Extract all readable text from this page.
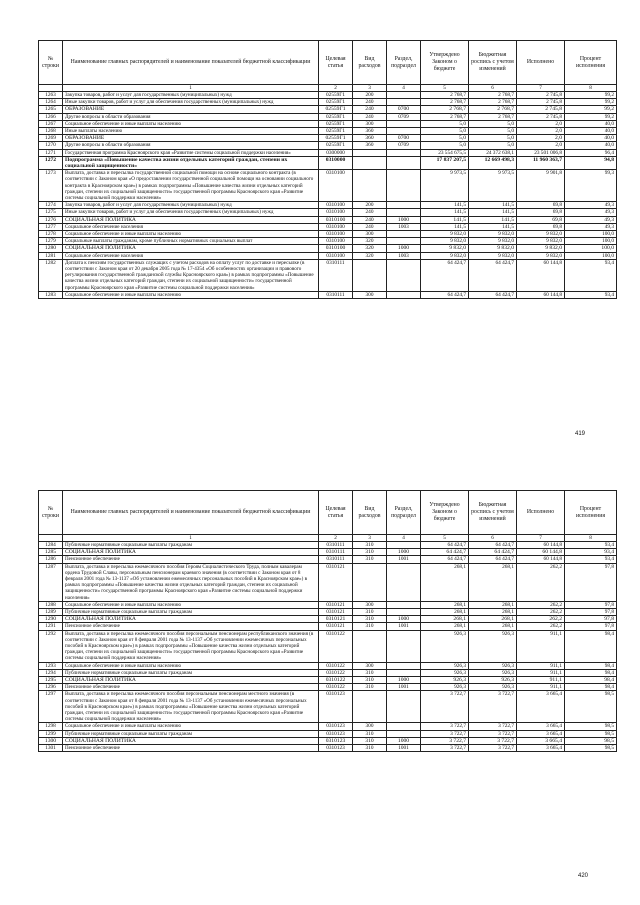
№ строки	Наименование главных распорядителей и наименование показателей бюджетной классификации	Целевая статья	Вид расходов	Раздел, подраздел	Утверждено Законом о бюджете	Бюджетная роспись с учетом изменений	Исполнено	Процент исполнения
	1	2	3	4	5	6	7	8
1263	Закупка товаров, работ и услуг для государственных (муниципальных) нужд	02559Г1	200		2 768,7	2 768,7	2 745,8	99,2
1264	Иные закупки товаров, работ и услуг для обеспечения государственных (муниципальных) нужд	02559Г1	240		2 768,7	2 768,7	2 745,8	99,2
1265	ОБРАЗОВАНИЕ	02559Г1	240	0700	2 768,7	2 768,7	2 745,8	99,2
1266	Другие вопросы в области образования	02559Г1	240	0709	2 768,7	2 768,7	2 745,8	99,2
1267	Социальное обеспечение и иные выплаты населению	02559Г1	300		5,0	5,0	2,0	40,0
1268	Иные выплаты населению	02559Г1	360		5,0	5,0	2,0	40,0
1269	ОБРАЗОВАНИЕ	02559Г1	360	0700	5,0	5,0	2,0	40,0
1270	Другие вопросы в области образования	02559Г1	360	0709	5,0	5,0	2,0	40,0
1271	Государственная программа Красноярского края «Развитие системы социальной поддержки населения»	0300000			23 554 675,5	24 372 638,1	23 501 006,8	96,4
1272	Подпрограмма «Повышение качества жизни отдельных категорий граждан, степени их социальной защищенности»	0310000			17 837 207,5	12 669 498,3	11 960 363,7	94,8
1273	Выплата, доставка и пересылка государственной социальной помощи на основе социального контракта (в соответствии с Законом края «О предоставлении государственной социальной помощи на основании социального контракта в Красноярском крае») в рамках подпрограммы «Повышение качества жизни отдельных категорий граждан, степени их социальной защищенности» государственной программы Красноярского края «Развитие системы социальной поддержки населения»	0310100			9 973,5	9 973,5	9 901,8	99,3
1274	Закупка товаров, работ и услуг для государственных (муниципальных) нужд	0310100	200		141,5	141,5	69,8	49,3
1275	Иные закупки товаров, работ и услуг для обеспечения государственных (муниципальных) нужд	0310100	240		141,5	141,5	69,8	49,3
1276	СОЦИАЛЬНАЯ ПОЛИТИКА	0310100	240	1000	141,5	141,5	69,8	49,3
1277	Социальное обеспечение населения	0310100	240	1003	141,5	141,5	69,8	49,3
1278	Социальное обеспечение и иные выплаты населению	0310100	300		9 832,0	9 832,0	9 832,0	100,0
1279	Социальные выплаты гражданам, кроме публичных нормативных социальных выплат	0310100	320		9 832,0	9 832,0	9 832,0	100,0
1280	СОЦИАЛЬНАЯ ПОЛИТИКА	0310100	320	1000	9 832,0	9 832,0	9 832,0	100,0
1281	Социальное обеспечение населения	0310100	320	1003	9 832,0	9 832,0	9 832,0	100,0
1282	Доплата к пенсиям государственных служащих с учетом расходов на оплату услуг по доставке и пересылке (в соответствии с Законом края от 20 декабря 2005 года № 17-4354 «Об особенностях организации и правового регулирования государственной гражданской службы Красноярского края») в рамках подпрограммы «Повышение качества жизни отдельных категорий граждан, степени их социальной защищенности» государственной программы Красноярского края «Развитие системы социальной поддержки населения»	0310111			64 424,7	64 424,7	60 144,8	93,4
1283	Социальное обеспечение и иные выплаты населению	0310111	300		64 424,7	64 424,7	60 144,8	93,4
419
№ строки	Наименование главных распорядителей и наименование показателей бюджетной классификации	Целевая статья	Вид расходов	Раздел, подраздел	Утверждено Законом о бюджете	Бюджетная роспись с учетом изменений	Исполнено	Процент исполнения
	1	2	3	4	5	6	7	8
1284	Публичные нормативные социальные выплаты гражданам	0310111	310		64 424,7	64 424,7	60 144,8	93,4
1285	СОЦИАЛЬНАЯ ПОЛИТИКА	0310111	310	1000	64 424,7	64 424,7	60 144,8	93,4
1286	Пенсионное обеспечение	0310111	310	1001	64 424,7	64 424,7	60 144,8	93,4
1287	Выплата, доставка и пересылка ежемесячного пособия Героям Социалистического Труда, полным кавалерам ордена Трудовой Славы, персональным пенсионерам краевого значения (в соответствии с Законом края от 8 февраля 2001 года № 13-1137 «Об установлении ежемесячных персональных пособий в Красноярском крае») в рамках подпрограммы «Повышение качества жизни отдельных категорий граждан, степени их социальной защищенности» государственной программы Красноярского края «Развитие системы социальной поддержки населения»	0310121			268,1	268,1	262,2	97,8
1288	Социальное обеспечение и иные выплаты населению	0310121	300		268,1	268,1	262,2	97,8
1289	Публичные нормативные социальные выплаты гражданам	0310121	310		268,1	268,1	262,2	97,8
1290	СОЦИАЛЬНАЯ ПОЛИТИКА	0310121	310	1000	268,1	268,1	262,2	97,8
1291	Пенсионное обеспечение	0310121	310	1001	268,1	268,1	262,2	97,8
1292	Выплата, доставка и пересылка ежемесячного пособия персональным пенсионерам республиканского значения (в соответствии с Законом края от 8 февраля 2001 года № 13-1137 «Об установлении ежемесячных персональных пособий в Красноярском крае») в рамках подпрограммы «Повышение качества жизни отдельных категорий граждан, степени их социальной защищенности» государственной программы Красноярского края «Развитие системы социальной поддержки населения»	0310122			926,3	926,3	911,1	98,4
1293	Социальное обеспечение и иные выплаты населению	0310122	300		926,3	926,3	911,1	98,4
1294	Публичные нормативные социальные выплаты гражданам	0310122	310		926,3	926,3	911,1	98,4
1295	СОЦИАЛЬНАЯ ПОЛИТИКА	0310122	310	1000	926,3	926,3	911,1	98,4
1296	Пенсионное обеспечение	0310122	310	1001	926,3	926,3	911,1	98,4
1297	Выплата, доставка и пересылка ежемесячного пособия персональным пенсионерам местного значения (в соответствии с Законом края от 8 февраля 2001 года № 13-1137 «Об установлении ежемесячных персональных пособий в Красноярском крае») в рамках подпрограммы «Повышение качества жизни отдельных категорий граждан, степени их социальной защищенности» государственной программы Красноярского края «Развитие системы социальной поддержки населения»	0310123			3 722,7	3 722,7	3 665,4	98,5
1298	Социальное обеспечение и иные выплаты населению	0310123	300		3 722,7	3 722,7	3 665,4	98,5
1299	Публичные нормативные социальные выплаты гражданам	0310123	310		3 722,7	3 722,7	3 665,4	98,5
1300	СОЦИАЛЬНАЯ ПОЛИТИКА	0310123	310	1000	3 722,7	3 722,7	3 665,4	98,5
1301	Пенсионное обеспечение	0310123	310	1001	3 722,7	3 722,7	3 665,4	98,5
420
